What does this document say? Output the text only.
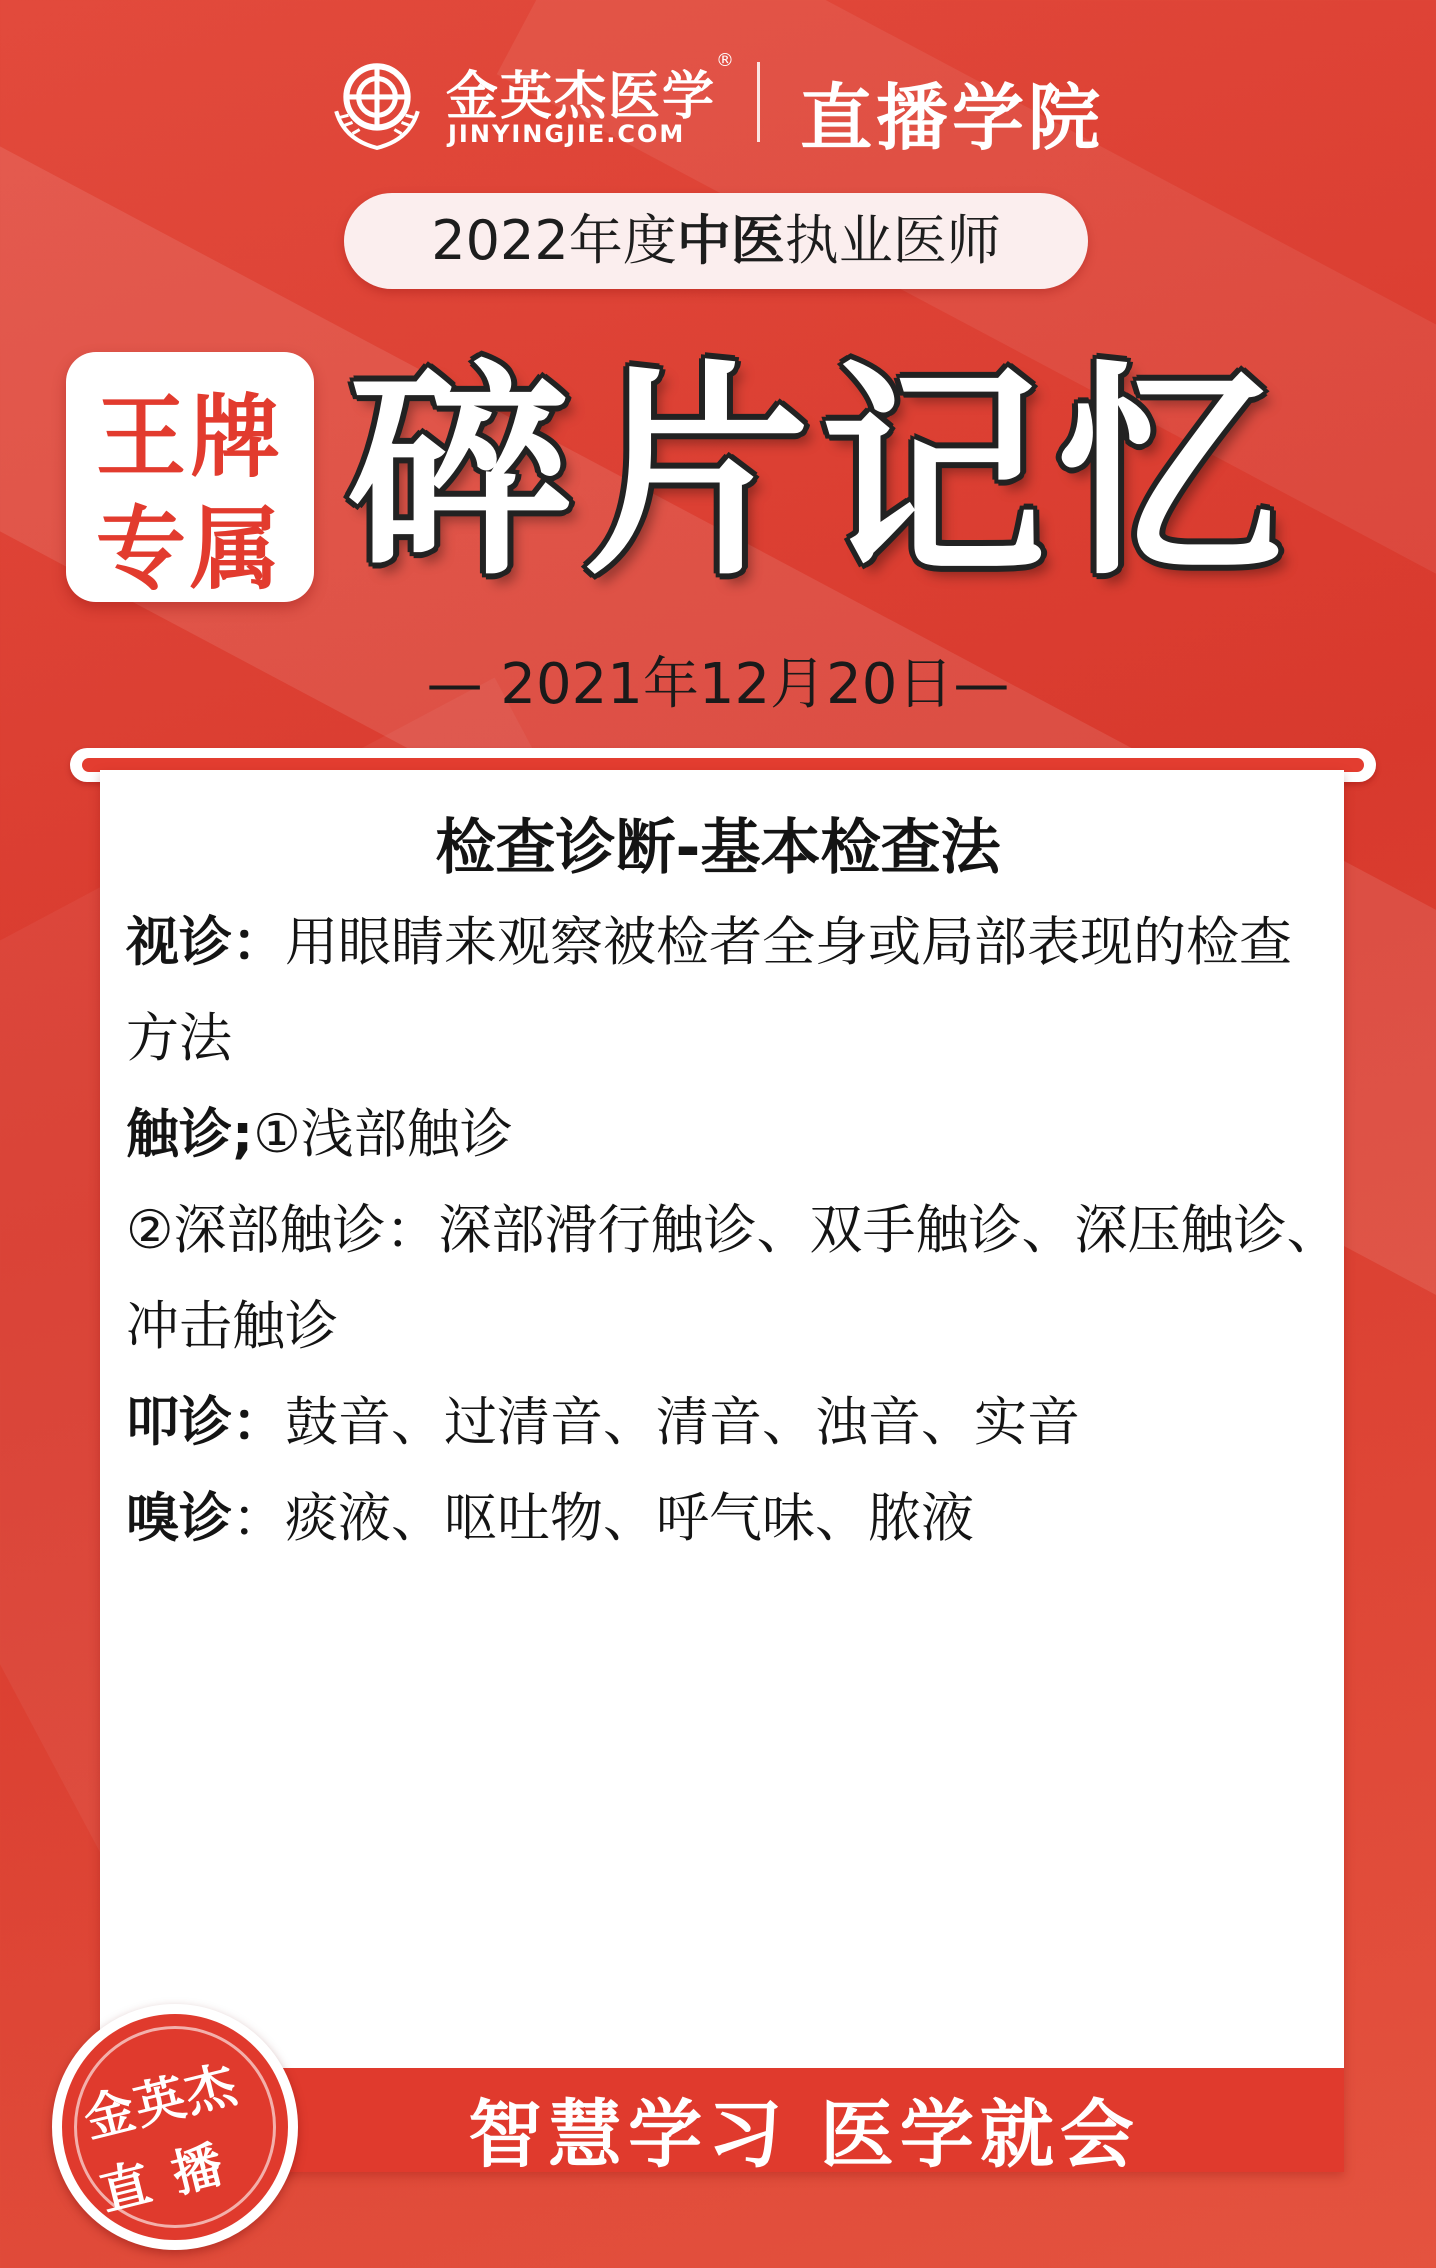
金英杰医学
®
JINYINGJIE.COM 直播学院
2022年度中医执业医师
王牌
专属 碎片记忆
— 2021年12月20日—
检查诊断-基本检查法
视诊：用眼睛来观察被检者全身或局部表现的检查
方法
触诊;①浅部触诊
②深部触诊：深部滑行触诊、双手触诊、深压触诊、
冲击触诊
叩诊：鼓音、过清音、清音、浊音、实音
嗅诊：痰液、呕吐物、呼气味、脓液
智慧学习 医学就会
金英杰
直播
